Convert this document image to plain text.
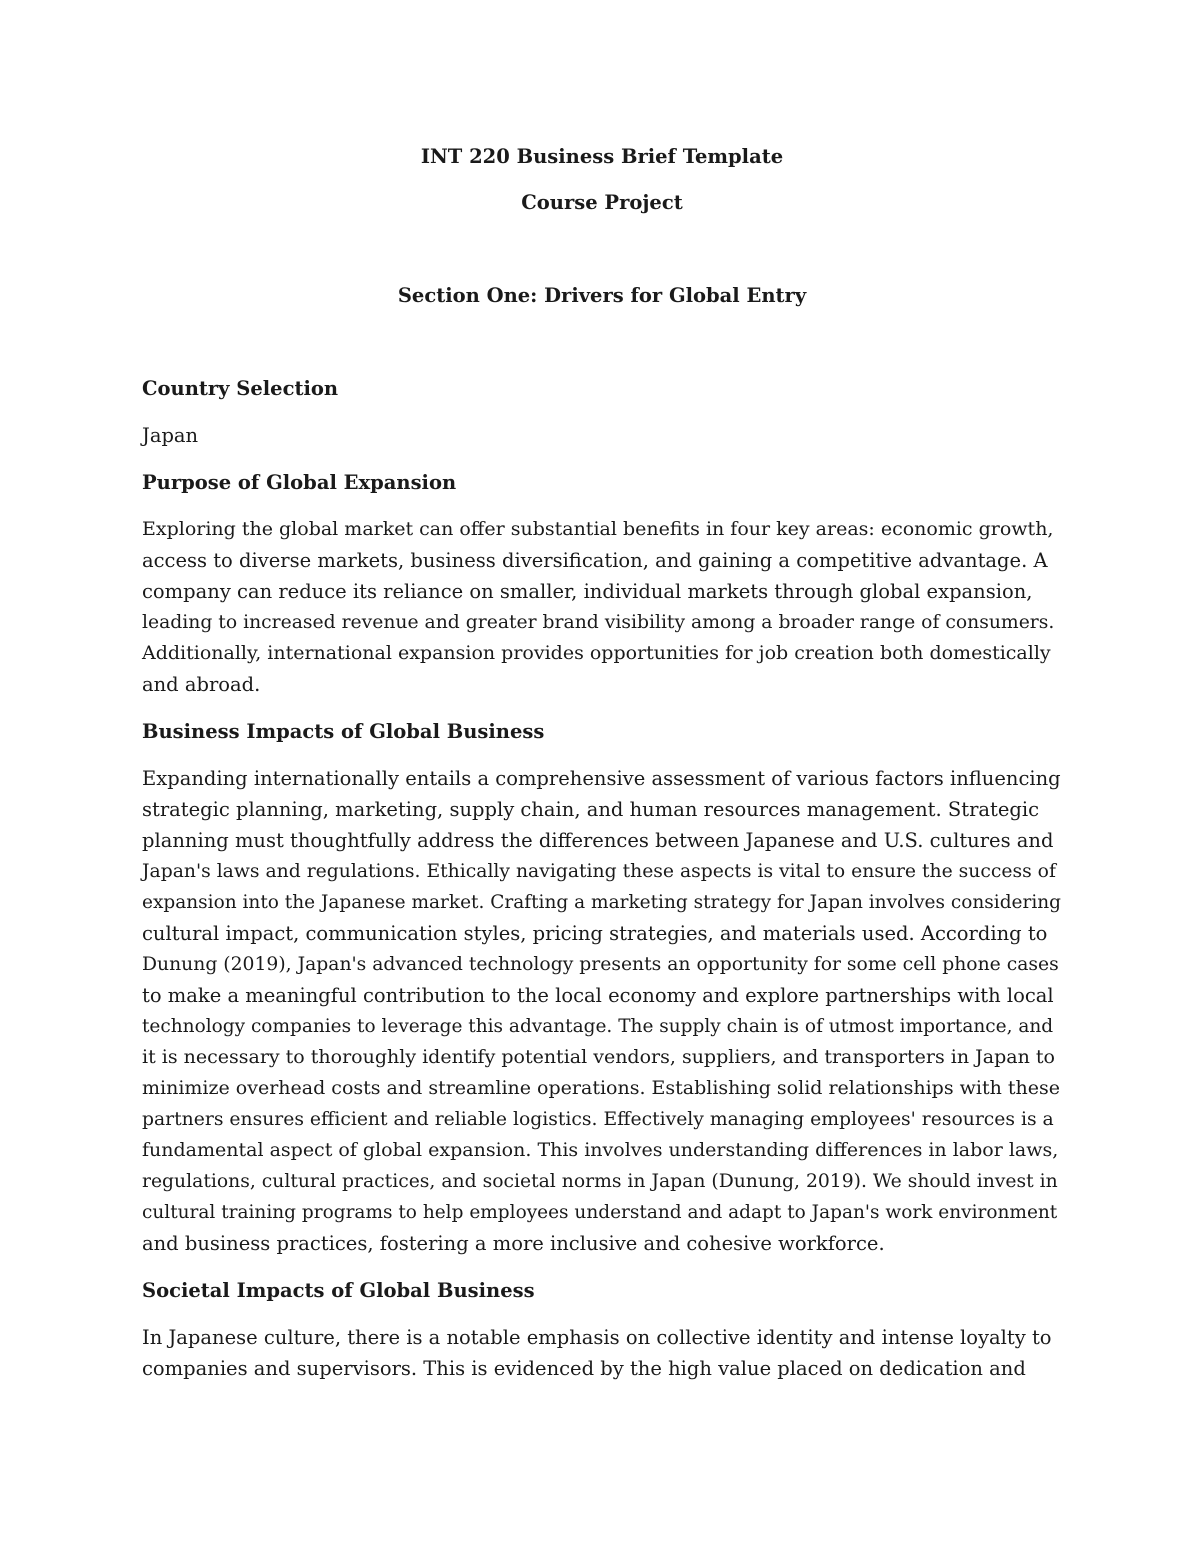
INT 220 Business Brief Template
Course Project
Section One: Drivers for Global Entry
Country Selection
Japan
Purpose of Global Expansion
Exploring the global market can offer substantial benefits in four key areas: economic growth,
access to diverse markets, business diversification, and gaining a competitive advantage. A
company can reduce its reliance on smaller, individual markets through global expansion,
leading to increased revenue and greater brand visibility among a broader range of consumers.
Additionally, international expansion provides opportunities for job creation both domestically
and abroad.
Business Impacts of Global Business
Expanding internationally entails a comprehensive assessment of various factors influencing
strategic planning, marketing, supply chain, and human resources management. Strategic
planning must thoughtfully address the differences between Japanese and U.S. cultures and
Japan's laws and regulations. Ethically navigating these aspects is vital to ensure the success of
expansion into the Japanese market. Crafting a marketing strategy for Japan involves considering
cultural impact, communication styles, pricing strategies, and materials used. According to
Dunung (2019), Japan's advanced technology presents an opportunity for some cell phone cases
to make a meaningful contribution to the local economy and explore partnerships with local
technology companies to leverage this advantage. The supply chain is of utmost importance, and
it is necessary to thoroughly identify potential vendors, suppliers, and transporters in Japan to
minimize overhead costs and streamline operations. Establishing solid relationships with these
partners ensures efficient and reliable logistics. Effectively managing employees' resources is a
fundamental aspect of global expansion. This involves understanding differences in labor laws,
regulations, cultural practices, and societal norms in Japan (Dunung, 2019). We should invest in
cultural training programs to help employees understand and adapt to Japan's work environment
and business practices, fostering a more inclusive and cohesive workforce.
Societal Impacts of Global Business
In Japanese culture, there is a notable emphasis on collective identity and intense loyalty to
companies and supervisors. This is evidenced by the high value placed on dedication and
